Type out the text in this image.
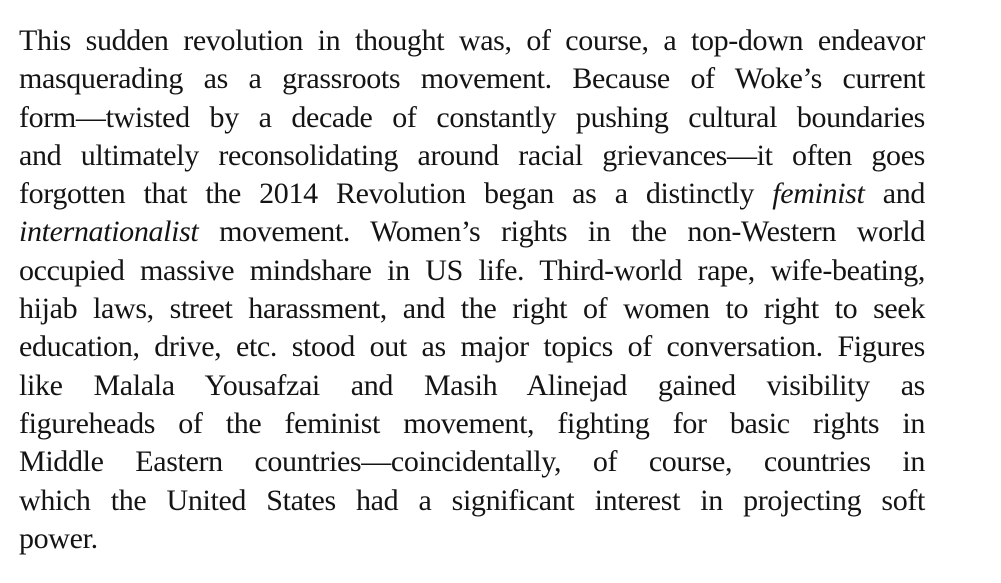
This sudden revolution in thought was, of course, a top-down endeavor
masquerading as a grassroots movement. Because of Woke’s current
form—twisted by a decade of constantly pushing cultural boundaries
and ultimately reconsolidating around racial grievances—it often goes
forgotten that the 2014 Revolution began as a distinctly feminist and
internationalist movement. Women’s rights in the non-Western world
occupied massive mindshare in US life. Third-world rape, wife-beating,
hijab laws, street harassment, and the right of women to right to seek
education, drive, etc. stood out as major topics of conversation. Figures
like Malala Yousafzai and Masih Alinejad gained visibility as
figureheads of the feminist movement, fighting for basic rights in
Middle Eastern countries—coincidentally, of course, countries in
which the United States had a significant interest in projecting soft
power.
